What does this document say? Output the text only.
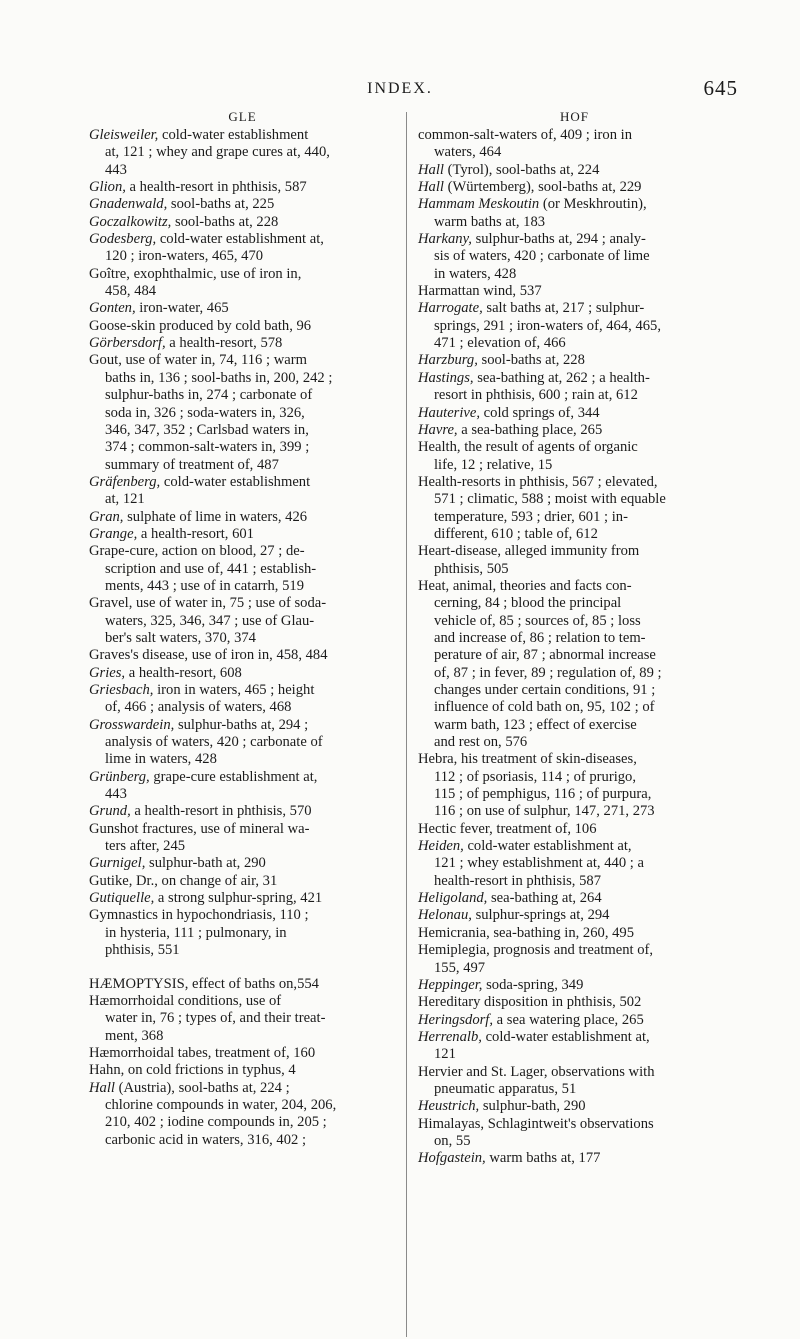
INDEX.	645
GLE
Gleisweiler, cold-water establishment
at, 121 ; whey and grape cures at, 440,
443
Glion, a health-resort in phthisis, 587
Gnadenwald, sool-baths at, 225
Goczalkowitz, sool-baths at, 228
Godesberg, cold-water establishment at,
120 ; iron-waters, 465, 470
Goître, exophthalmic, use of iron in,
458, 484
Gonten, iron-water, 465
Goose-skin produced by cold bath, 96
Görbersdorf, a health-resort, 578
Gout, use of water in, 74, 116 ; warm
baths in, 136 ; sool-baths in, 200, 242 ;
sulphur-baths in, 274 ; carbonate of
soda in, 326 ; soda-waters in, 326,
346, 347, 352 ; Carlsbad waters in,
374 ; common-salt-waters in, 399 ;
summary of treatment of, 487
Gräfenberg, cold-water establishment
at, 121
Gran, sulphate of lime in waters, 426
Grange, a health-resort, 601
Grape-cure, action on blood, 27 ; de-
scription and use of, 441 ; establish-
ments, 443 ; use of in catarrh, 519
Gravel, use of water in, 75 ; use of soda-
waters, 325, 346, 347 ; use of Glau-
ber's salt waters, 370, 374
Graves's disease, use of iron in, 458, 484
Gries, a health-resort, 608
Griesbach, iron in waters, 465 ; height
of, 466 ; analysis of waters, 468
Grosswardein, sulphur-baths at, 294 ;
analysis of waters, 420 ; carbonate of
lime in waters, 428
Grünberg, grape-cure establishment at,
443
Grund, a health-resort in phthisis, 570
Gunshot fractures, use of mineral wa-
ters after, 245
Gurnigel, sulphur-bath at, 290
Gutike, Dr., on change of air, 31
Gutiquelle, a strong sulphur-spring, 421
Gymnastics in hypochondriasis, 110 ;
in hysteria, 111 ; pulmonary, in
phthisis, 551
HÆMOPTYSIS, effect of baths on,554
Hæmorrhoidal conditions, use of
water in, 76 ; types of, and their treat-
ment, 368
Hæmorrhoidal tabes, treatment of, 160
Hahn, on cold frictions in typhus, 4
Hall (Austria), sool-baths at, 224 ;
chlorine compounds in water, 204, 206,
210, 402 ; iodine compounds in, 205 ;
carbonic acid in waters, 316, 402 ;
HOF
common-salt-waters of, 409 ; iron in
waters, 464
Hall (Tyrol), sool-baths at, 224
Hall (Würtemberg), sool-baths at, 229
Hammam Meskoutin (or Meskhroutin),
warm baths at, 183
Harkany, sulphur-baths at, 294 ; analy-
sis of waters, 420 ; carbonate of lime
in waters, 428
Harmattan wind, 537
Harrogate, salt baths at, 217 ; sulphur-
springs, 291 ; iron-waters of, 464, 465,
471 ; elevation of, 466
Harzburg, sool-baths at, 228
Hastings, sea-bathing at, 262 ; a health-
resort in phthisis, 600 ; rain at, 612
Hauterive, cold springs of, 344
Havre, a sea-bathing place, 265
Health, the result of agents of organic
life, 12 ; relative, 15
Health-resorts in phthisis, 567 ; elevated,
571 ; climatic, 588 ; moist with equable
temperature, 593 ; drier, 601 ; in-
different, 610 ; table of, 612
Heart-disease, alleged immunity from
phthisis, 505
Heat, animal, theories and facts con-
cerning, 84 ; blood the principal
vehicle of, 85 ; sources of, 85 ; loss
and increase of, 86 ; relation to tem-
perature of air, 87 ; abnormal increase
of, 87 ; in fever, 89 ; regulation of, 89 ;
changes under certain conditions, 91 ;
influence of cold bath on, 95, 102 ; of
warm bath, 123 ; effect of exercise
and rest on, 576
Hebra, his treatment of skin-diseases,
112 ; of psoriasis, 114 ; of prurigo,
115 ; of pemphigus, 116 ; of purpura,
116 ; on use of sulphur, 147, 271, 273
Hectic fever, treatment of, 106
Heiden, cold-water establishment at,
121 ; whey establishment at, 440 ; a
health-resort in phthisis, 587
Heligoland, sea-bathing at, 264
Helonau, sulphur-springs at, 294
Hemicrania, sea-bathing in, 260, 495
Hemiplegia, prognosis and treatment of,
155, 497
Heppinger, soda-spring, 349
Hereditary disposition in phthisis, 502
Heringsdorf, a sea watering place, 265
Herrenalb, cold-water establishment at,
121
Hervier and St. Lager, observations with
pneumatic apparatus, 51
Heustrich, sulphur-bath, 290
Himalayas, Schlagintweit's observations
on, 55
Hofgastein, warm baths at, 177
